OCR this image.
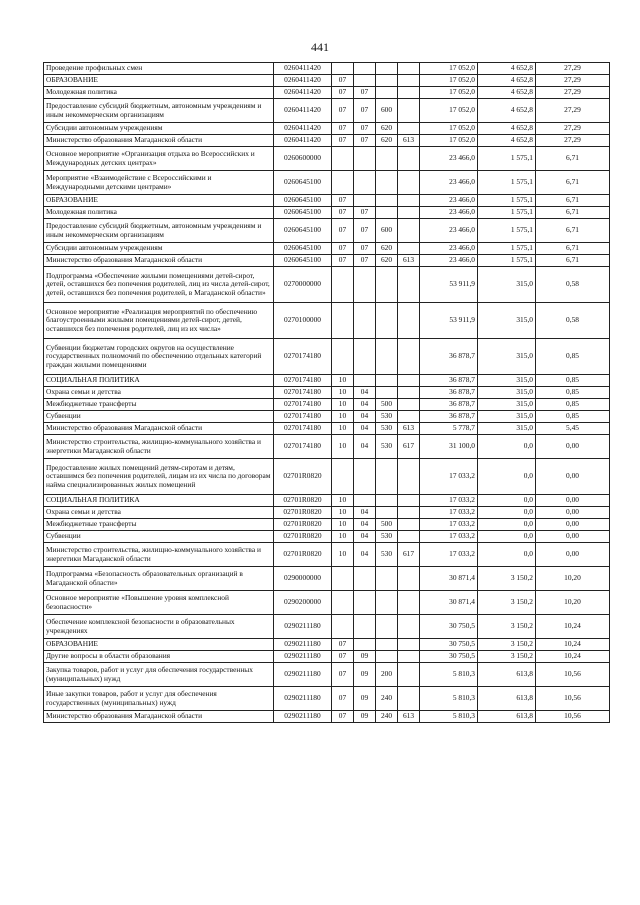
441
Проведение профильных смен	0260411420					17 052,0	4 652,8	27,29
ОБРАЗОВАНИЕ	0260411420	07				17 052,0	4 652,8	27,29
Молодежная политика	0260411420	07	07			17 052,0	4 652,8	27,29
Предоставление субсидий бюджетным, автономным учреждениям и иным некоммерческим организациям	0260411420	07	07	600		17 052,0	4 652,8	27,29
Субсидии автономным учреждениям	0260411420	07	07	620		17 052,0	4 652,8	27,29
Министерство образования Магаданской области	0260411420	07	07	620	613	17 052,0	4 652,8	27,29
Основное мероприятие «Организация отдыха во Всероссийских и Международных детских центрах»	0260600000					23 466,0	1 575,1	6,71
Мероприятие «Взаимодействие с Всероссийскими и Международными детскими центрами»	0260645100					23 466,0	1 575,1	6,71
ОБРАЗОВАНИЕ	0260645100	07				23 466,0	1 575,1	6,71
Молодежная политика	0260645100	07	07			23 466,0	1 575,1	6,71
Предоставление субсидий бюджетным, автономным учреждениям и иным некоммерческим организациям	0260645100	07	07	600		23 466,0	1 575,1	6,71
Субсидии автономным учреждениям	0260645100	07	07	620		23 466,0	1 575,1	6,71
Министерство образования Магаданской области	0260645100	07	07	620	613	23 466,0	1 575,1	6,71
Подпрограмма «Обеспечение жилыми помещениями детей-сирот, детей, оставшихся без попечения родителей, лиц из числа детей-сирот, детей, оставшихся без попечения родителей, в Магаданской области»	0270000000					53 911,9	315,0	0,58
Основное мероприятие «Реализация мероприятий по обеспечению благоустроенными жилыми помещениями детей-сирот, детей, оставшихся без попечения родителей, лиц из их числа»	0270100000					53 911,9	315,0	0,58
Субвенции бюджетам городских округов на осуществление государственных полномочий по обеспечению отдельных категорий граждан жилыми помещениями	0270174180					36 878,7	315,0	0,85
СОЦИАЛЬНАЯ ПОЛИТИКА	0270174180	10				36 878,7	315,0	0,85
Охрана семьи и детства	0270174180	10	04			36 878,7	315,0	0,85
Межбюджетные трансферты	0270174180	10	04	500		36 878,7	315,0	0,85
Субвенции	0270174180	10	04	530		36 878,7	315,0	0,85
Министерство образования Магаданской области	0270174180	10	04	530	613	5 778,7	315,0	5,45
Министерство строительства, жилищно-коммунального хозяйства и энергетики Магаданской области	0270174180	10	04	530	617	31 100,0	0,0	0,00
Предоставление жилых помещений детям-сиротам и детям, оставшимся без попечения родителей, лицам из их числа по договорам найма специализированных жилых помещений	02701R0820					17 033,2	0,0	0,00
СОЦИАЛЬНАЯ ПОЛИТИКА	02701R0820	10				17 033,2	0,0	0,00
Охрана семьи и детства	02701R0820	10	04			17 033,2	0,0	0,00
Межбюджетные трансферты	02701R0820	10	04	500		17 033,2	0,0	0,00
Субвенции	02701R0820	10	04	530		17 033,2	0,0	0,00
Министерство строительства, жилищно-коммунального хозяйства и энергетики Магаданской области	02701R0820	10	04	530	617	17 033,2	0,0	0,00
Подпрограмма «Безопасность образовательных организаций в Магаданской области»	0290000000					30 871,4	3 150,2	10,20
Основное мероприятие «Повышение уровня комплексной безопасности»	0290200000					30 871,4	3 150,2	10,20
Обеспечение комплексной безопасности в образовательных учреждениях	0290211180					30 750,5	3 150,2	10,24
ОБРАЗОВАНИЕ	0290211180	07				30 750,5	3 150,2	10,24
Другие вопросы в области образования	0290211180	07	09			30 750,5	3 150,2	10,24
Закупка товаров, работ и услуг для обеспечения государственных (муниципальных) нужд	0290211180	07	09	200		5 810,3	613,8	10,56
Иные закупки товаров, работ и услуг для обеспечения государственных (муниципальных) нужд	0290211180	07	09	240		5 810,3	613,8	10,56
Министерство образования Магаданской области	0290211180	07	09	240	613	5 810,3	613,8	10,56
